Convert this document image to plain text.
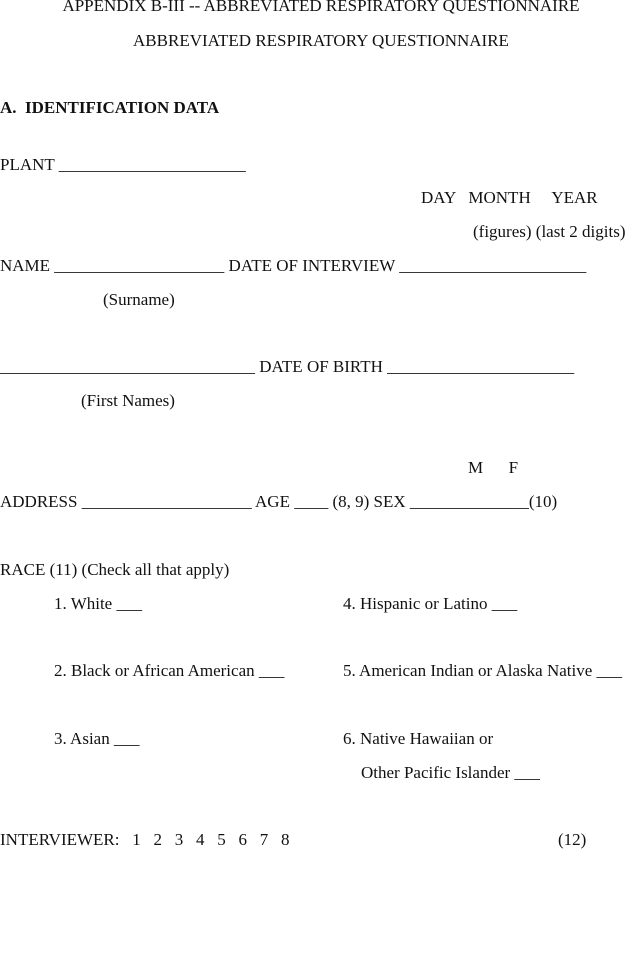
APPENDIX B-III -- ABBREVIATED RESPIRATORY QUESTIONNAIRE
ABBREVIATED RESPIRATORY QUESTIONNAIRE
A.  IDENTIFICATION DATA
PLANT ______________________
DAY   MONTH     YEAR
(figures) (last 2 digits)
NAME ____________________ DATE OF INTERVIEW ______________________
(Surname)
______________________________ DATE OF BIRTH ______________________
(First Names)
M      F
ADDRESS ____________________ AGE ____ (8, 9) SEX ______________(10)
RACE (11) (Check all that apply)
1. White ___	4. Hispanic or Latino ___
2. Black or African American ___	5. American Indian or Alaska Native ___
3. Asian ___	6. Native Hawaiian or
Other Pacific Islander ___
INTERVIEWER:   1   2   3   4   5   6   7   8	(12)
